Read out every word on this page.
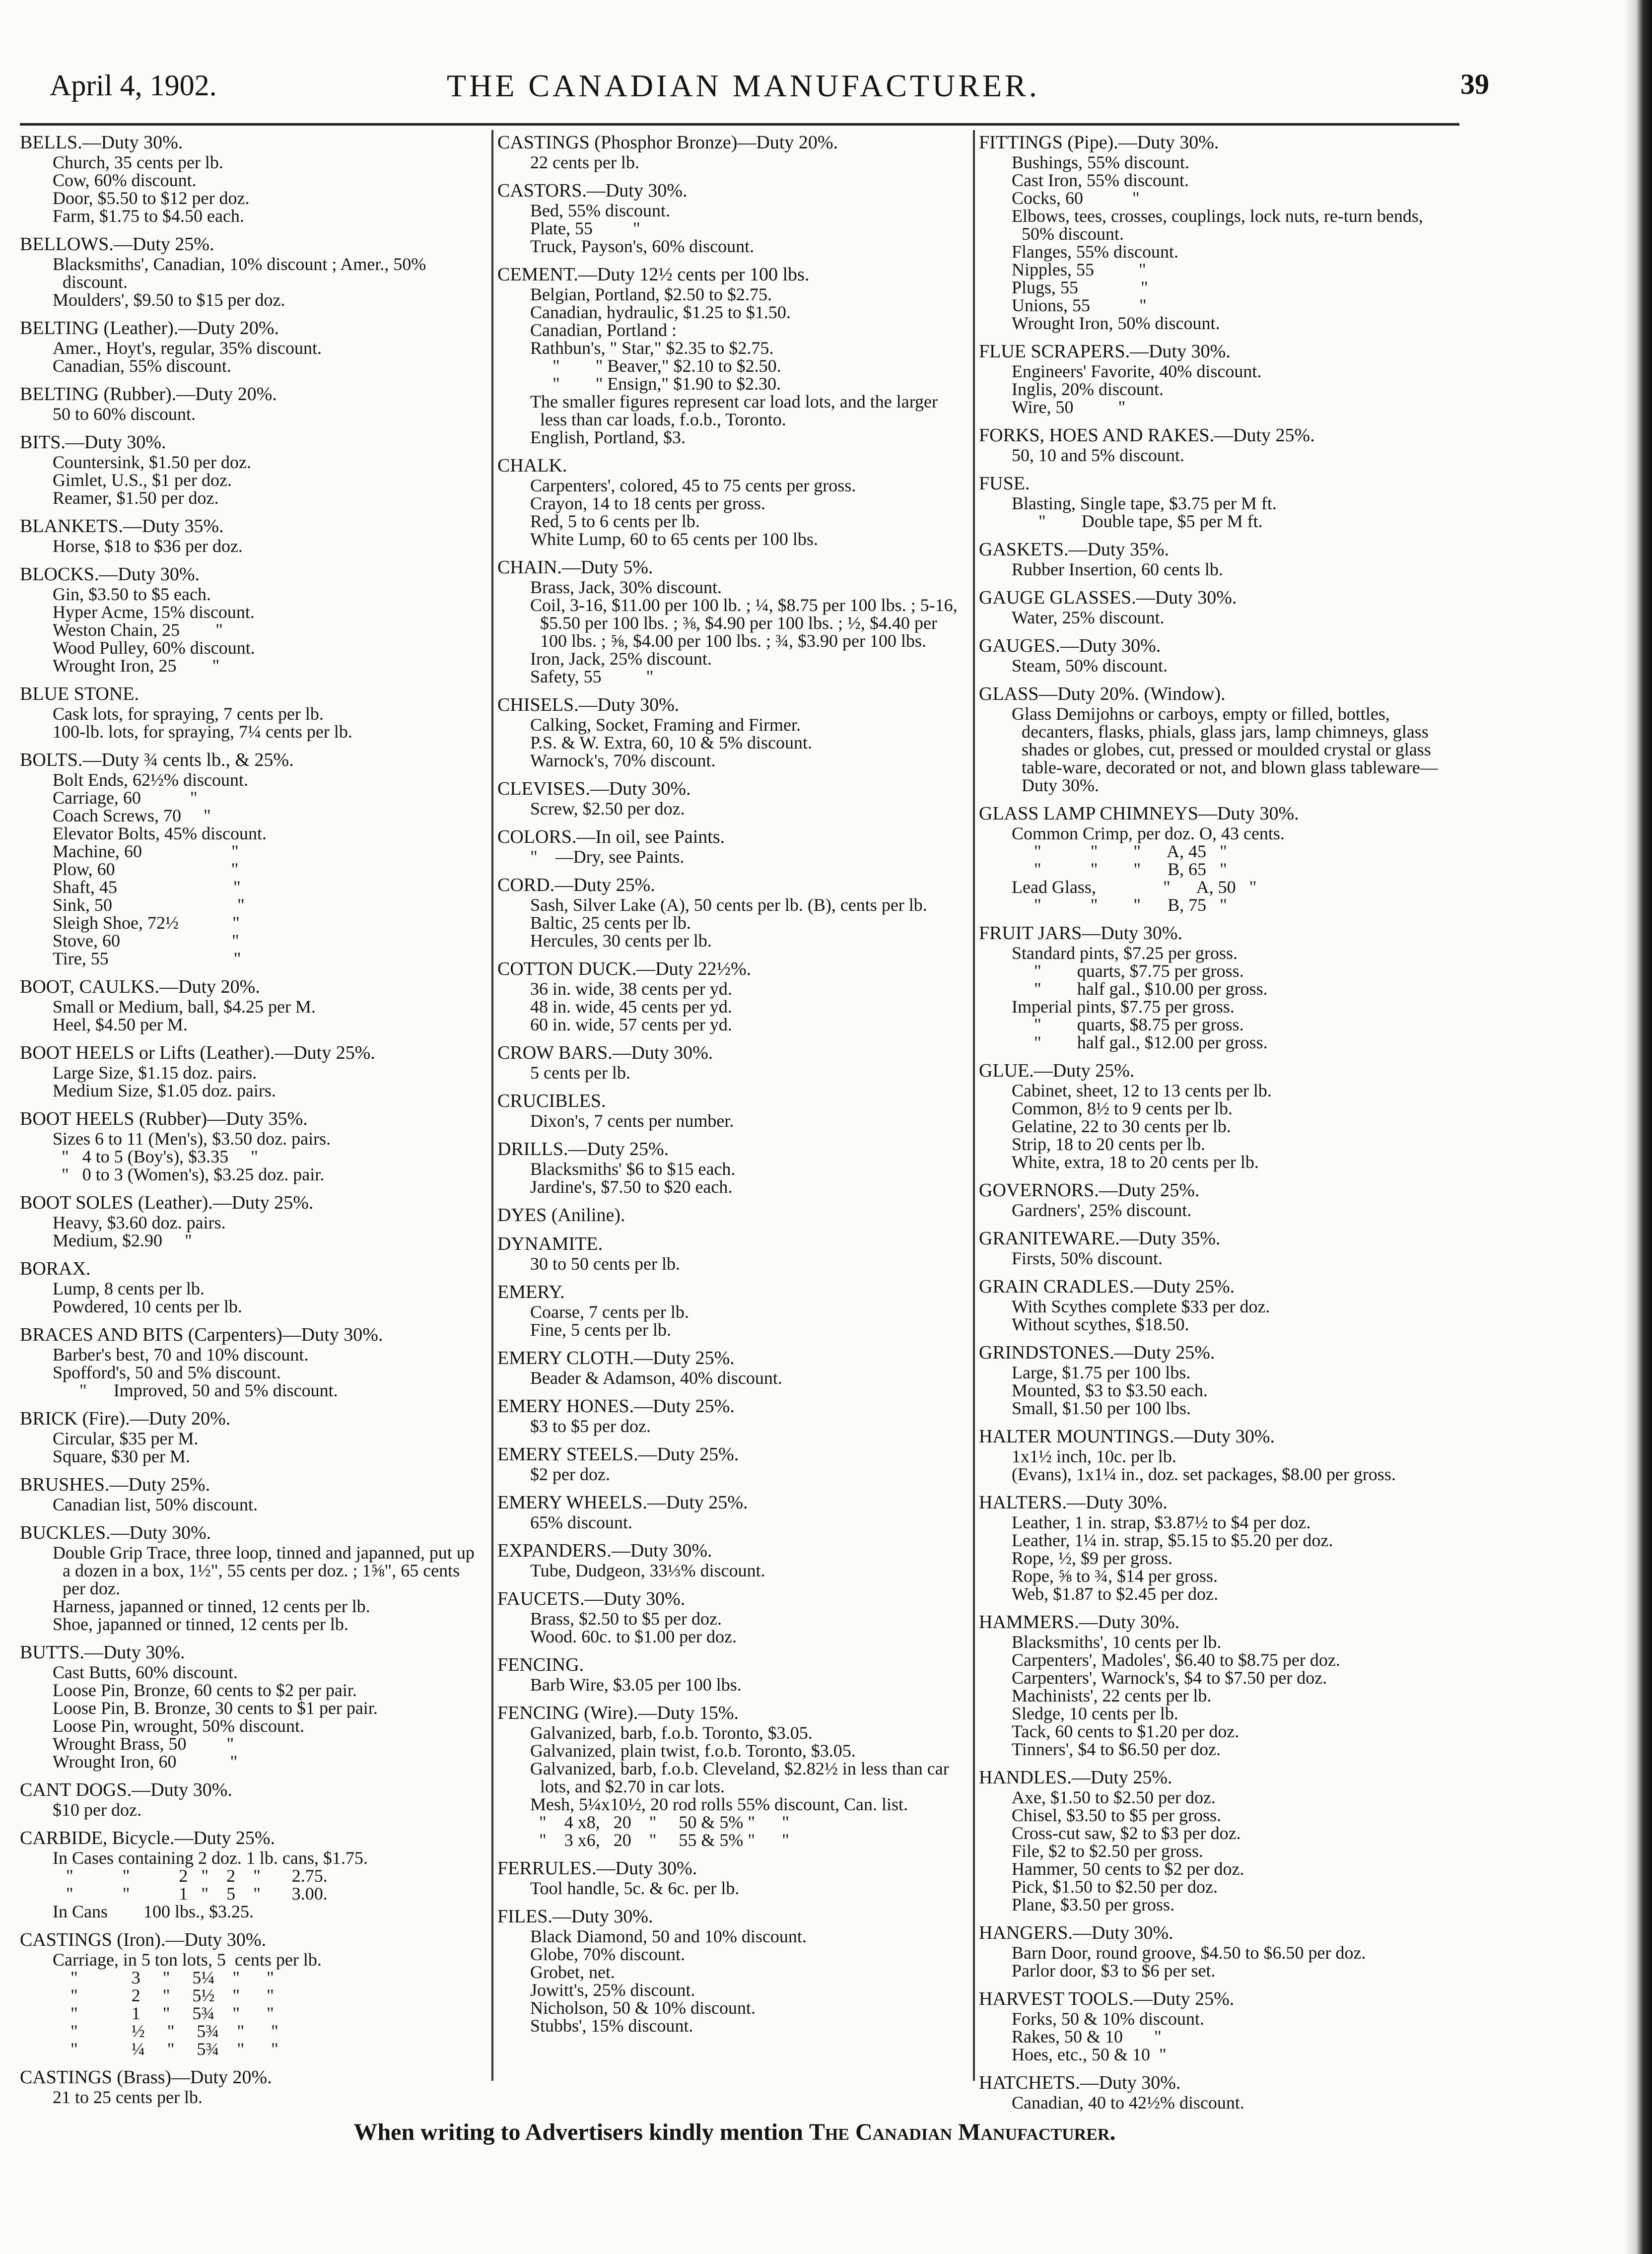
April 4, 1902.	THE CANADIAN MANUFACTURER.	39
BELLS.—Duty 30%.
Church, 35 cents per lb.
Cow, 60% discount.
Door, $5.50 to $12 per doz.
Farm, $1.75 to $4.50 each.
BELLOWS.—Duty 25%.
Blacksmiths', Canadian, 10% discount ; Amer., 50% discount.
Moulders', $9.50 to $15 per doz.
BELTING (Leather).—Duty 20%.
Amer., Hoyt's, regular, 35% discount.
Canadian, 55% discount.
BELTING (Rubber).—Duty 20%.
50 to 60% discount.
BITS.—Duty 30%.
Countersink, $1.50 per doz.
Gimlet, U.S., $1 per doz.
Reamer, $1.50 per doz.
BLANKETS.—Duty 35%.
Horse, $18 to $36 per doz.
BLOCKS.—Duty 30%.
Gin, $3.50 to $5 each.
Hyper Acme, 15% discount.
Weston Chain, 25        "
Wood Pulley, 60% discount.
Wrought Iron, 25        "
BLUE STONE.
Cask lots, for spraying, 7 cents per lb.
100-lb. lots, for spraying, 7¼ cents per lb.
BOLTS.—Duty ¾ cents lb., & 25%.
Bolt Ends, 62½% discount.
Carriage, 60           "
Coach Screws, 70     "
Elevator Bolts, 45% discount.
Machine, 60                    "
Plow, 60                          "
Shaft, 45                          "
Sink, 50                            "
Sleigh Shoe, 72½            "
Stove, 60                         "
Tire, 55                            "
BOOT, CAULKS.—Duty 20%.
Small or Medium, ball, $4.25 per M.
Heel, $4.50 per M.
BOOT HEELS or Lifts (Leather).—Duty 25%.
Large Size, $1.15 doz. pairs.
Medium Size, $1.05 doz. pairs.
BOOT HEELS (Rubber)—Duty 35%.
Sizes 6 to 11 (Men's), $3.50 doz. pairs.
"   4 to 5 (Boy's), $3.35     "
"   0 to 3 (Women's), $3.25 doz. pair.
BOOT SOLES (Leather).—Duty 25%.
Heavy, $3.60 doz. pairs.
Medium, $2.90     "
BORAX.
Lump, 8 cents per lb.
Powdered, 10 cents per lb.
BRACES AND BITS (Carpenters)—Duty 30%.
Barber's best, 70 and 10% discount.
Spofford's, 50 and 5% discount.
"      Improved, 50 and 5% discount.
BRICK (Fire).—Duty 20%.
Circular, $35 per M.
Square, $30 per M.
BRUSHES.—Duty 25%.
Canadian list, 50% discount.
BUCKLES.—Duty 30%.
Double Grip Trace, three loop, tinned and japanned, put up a dozen in a box, 1½", 55 cents per doz. ; 1⅝", 65 cents per doz.
Harness, japanned or tinned, 12 cents per lb.
Shoe, japanned or tinned, 12 cents per lb.
BUTTS.—Duty 30%.
Cast Butts, 60% discount.
Loose Pin, Bronze, 60 cents to $2 per pair.
Loose Pin, B. Bronze, 30 cents to $1 per pair.
Loose Pin, wrought, 50% discount.
Wrought Brass, 50         "
Wrought Iron, 60            "
CANT DOGS.—Duty 30%.
$10 per doz.
CARBIDE, Bicycle.—Duty 25%.
In Cases containing 2 doz. 1 lb. cans, $1.75.
"           "           2   "    2    "       2.75.
"           "           1   "    5    "       3.00.
In Cans        100 lbs., $3.25.
CASTINGS (Iron).—Duty 30%.
Carriage, in 5 ton lots, 5  cents per lb.
"            3     "     5¼    "      "
"            2     "     5½    "      "
"            1     "     5¾    "      "
"            ½     "     5¾    "      "
"            ¼     "     5¾    "      "
CASTINGS (Brass)—Duty 20%.
21 to 25 cents per lb.
CASTINGS (Phosphor Bronze)—Duty 20%.
22 cents per lb.
CASTORS.—Duty 30%.
Bed, 55% discount.
Plate, 55         "
Truck, Payson's, 60% discount.
CEMENT.—Duty 12½ cents per 100 lbs.
Belgian, Portland, $2.50 to $2.75.
Canadian, hydraulic, $1.25 to $1.50.
Canadian, Portland :
Rathbun's, " Star," $2.35 to $2.75.
"        " Beaver," $2.10 to $2.50.
"        " Ensign," $1.90 to $2.30.
The smaller figures represent car load lots, and the larger less than car loads, f.o.b., Toronto.
English, Portland, $3.
CHALK.
Carpenters', colored, 45 to 75 cents per gross.
Crayon, 14 to 18 cents per gross.
Red, 5 to 6 cents per lb.
White Lump, 60 to 65 cents per 100 lbs.
CHAIN.—Duty 5%.
Brass, Jack, 30% discount.
Coil, 3-16, $11.00 per 100 lb. ; ¼, $8.75 per 100 lbs. ; 5-16, $5.50 per 100 lbs. ; ⅜, $4.90 per 100 lbs. ; ½, $4.40 per 100 lbs. ; ⅝, $4.00 per 100 lbs. ; ¾, $3.90 per 100 lbs.
Iron, Jack, 25% discount.
Safety, 55          "
CHISELS.—Duty 30%.
Calking, Socket, Framing and Firmer.
P.S. & W. Extra, 60, 10 & 5% discount.
Warnock's, 70% discount.
CLEVISES.—Duty 30%.
Screw, $2.50 per doz.
COLORS.—In oil, see Paints.
"    —Dry, see Paints.
CORD.—Duty 25%.
Sash, Silver Lake (A), 50 cents per lb. (B), cents per lb.
Baltic, 25 cents per lb.
Hercules, 30 cents per lb.
COTTON DUCK.—Duty 22½%.
36 in. wide, 38 cents per yd.
48 in. wide, 45 cents per yd.
60 in. wide, 57 cents per yd.
CROW BARS.—Duty 30%.
5 cents per lb.
CRUCIBLES.
Dixon's, 7 cents per number.
DRILLS.—Duty 25%.
Blacksmiths' $6 to $15 each.
Jardine's, $7.50 to $20 each.
DYES (Aniline).
DYNAMITE.
30 to 50 cents per lb.
EMERY.
Coarse, 7 cents per lb.
Fine, 5 cents per lb.
EMERY CLOTH.—Duty 25%.
Beader & Adamson, 40% discount.
EMERY HONES.—Duty 25%.
$3 to $5 per doz.
EMERY STEELS.—Duty 25%.
$2 per doz.
EMERY WHEELS.—Duty 25%.
65% discount.
EXPANDERS.—Duty 30%.
Tube, Dudgeon, 33⅓% discount.
FAUCETS.—Duty 30%.
Brass, $2.50 to $5 per doz.
Wood. 60c. to $1.00 per doz.
FENCING.
Barb Wire, $3.05 per 100 lbs.
FENCING (Wire).—Duty 15%.
Galvanized, barb, f.o.b. Toronto, $3.05.
Galvanized, plain twist, f.o.b. Toronto, $3.05.
Galvanized, barb, f.o.b. Cleveland, $2.82½ in less than car lots, and $2.70 in car lots.
Mesh, 5¼x10½, 20 rod rolls 55% discount, Can. list.
"    4 x8,   20    "     50 & 5% "      "
"    3 x6,   20    "     55 & 5% "      "
FERRULES.—Duty 30%.
Tool handle, 5c. & 6c. per lb.
FILES.—Duty 30%.
Black Diamond, 50 and 10% discount.
Globe, 70% discount.
Grobet, net.
Jowitt's, 25% discount.
Nicholson, 50 & 10% discount.
Stubbs', 15% discount.
FITTINGS (Pipe).—Duty 30%.
Bushings, 55% discount.
Cast Iron, 55% discount.
Cocks, 60           "
Elbows, tees, crosses, couplings, lock nuts, re-turn bends, 50% discount.
Flanges, 55% discount.
Nipples, 55          "
Plugs, 55              "
Unions, 55           "
Wrought Iron, 50% discount.
FLUE SCRAPERS.—Duty 30%.
Engineers' Favorite, 40% discount.
Inglis, 20% discount.
Wire, 50          "
FORKS, HOES AND RAKES.—Duty 25%.
50, 10 and 5% discount.
FUSE.
Blasting, Single tape, $3.75 per M ft.
"        Double tape, $5 per M ft.
GASKETS.—Duty 35%.
Rubber Insertion, 60 cents lb.
GAUGE GLASSES.—Duty 30%.
Water, 25% discount.
GAUGES.—Duty 30%.
Steam, 50% discount.
GLASS—Duty 20%. (Window).
Glass Demijohns or carboys, empty or filled, bottles, decanters, flasks, phials, glass jars, lamp chimneys, glass shades or globes, cut, pressed or moulded crystal or glass table-ware, decorated or not, and blown glass tableware—Duty 30%.
GLASS LAMP CHIMNEYS—Duty 30%.
Common Crimp, per doz. O, 43 cents.
"           "        "      A, 45   "
"           "        "      B, 65   "
Lead Glass,               "      A, 50   "
"           "        "      B, 75   "
FRUIT JARS—Duty 30%.
Standard pints, $7.25 per gross.
"        quarts, $7.75 per gross.
"        half gal., $10.00 per gross.
Imperial pints, $7.75 per gross.
"        quarts, $8.75 per gross.
"        half gal., $12.00 per gross.
GLUE.—Duty 25%.
Cabinet, sheet, 12 to 13 cents per lb.
Common, 8½ to 9 cents per lb.
Gelatine, 22 to 30 cents per lb.
Strip, 18 to 20 cents per lb.
White, extra, 18 to 20 cents per lb.
GOVERNORS.—Duty 25%.
Gardners', 25% discount.
GRANITEWARE.—Duty 35%.
Firsts, 50% discount.
GRAIN CRADLES.—Duty 25%.
With Scythes complete $33 per doz.
Without scythes, $18.50.
GRINDSTONES.—Duty 25%.
Large, $1.75 per 100 lbs.
Mounted, $3 to $3.50 each.
Small, $1.50 per 100 lbs.
HALTER MOUNTINGS.—Duty 30%.
1x1½ inch, 10c. per lb.
(Evans), 1x1¼ in., doz. set packages, $8.00 per gross.
HALTERS.—Duty 30%.
Leather, 1 in. strap, $3.87½ to $4 per doz.
Leather, 1¼ in. strap, $5.15 to $5.20 per doz.
Rope, ½, $9 per gross.
Rope, ⅝ to ¾, $14 per gross.
Web, $1.87 to $2.45 per doz.
HAMMERS.—Duty 30%.
Blacksmiths', 10 cents per lb.
Carpenters', Madoles', $6.40 to $8.75 per doz.
Carpenters', Warnock's, $4 to $7.50 per doz.
Machinists', 22 cents per lb.
Sledge, 10 cents per lb.
Tack, 60 cents to $1.20 per doz.
Tinners', $4 to $6.50 per doz.
HANDLES.—Duty 25%.
Axe, $1.50 to $2.50 per doz.
Chisel, $3.50 to $5 per gross.
Cross-cut saw, $2 to $3 per doz.
File, $2 to $2.50 per gross.
Hammer, 50 cents to $2 per doz.
Pick, $1.50 to $2.50 per doz.
Plane, $3.50 per gross.
HANGERS.—Duty 30%.
Barn Door, round groove, $4.50 to $6.50 per doz.
Parlor door, $3 to $6 per set.
HARVEST TOOLS.—Duty 25%.
Forks, 50 & 10% discount.
Rakes, 50 & 10       "
Hoes, etc., 50 & 10  "
HATCHETS.—Duty 30%.
Canadian, 40 to 42½% discount.
When writing to Advertisers kindly mention The Canadian Manufacturer.
